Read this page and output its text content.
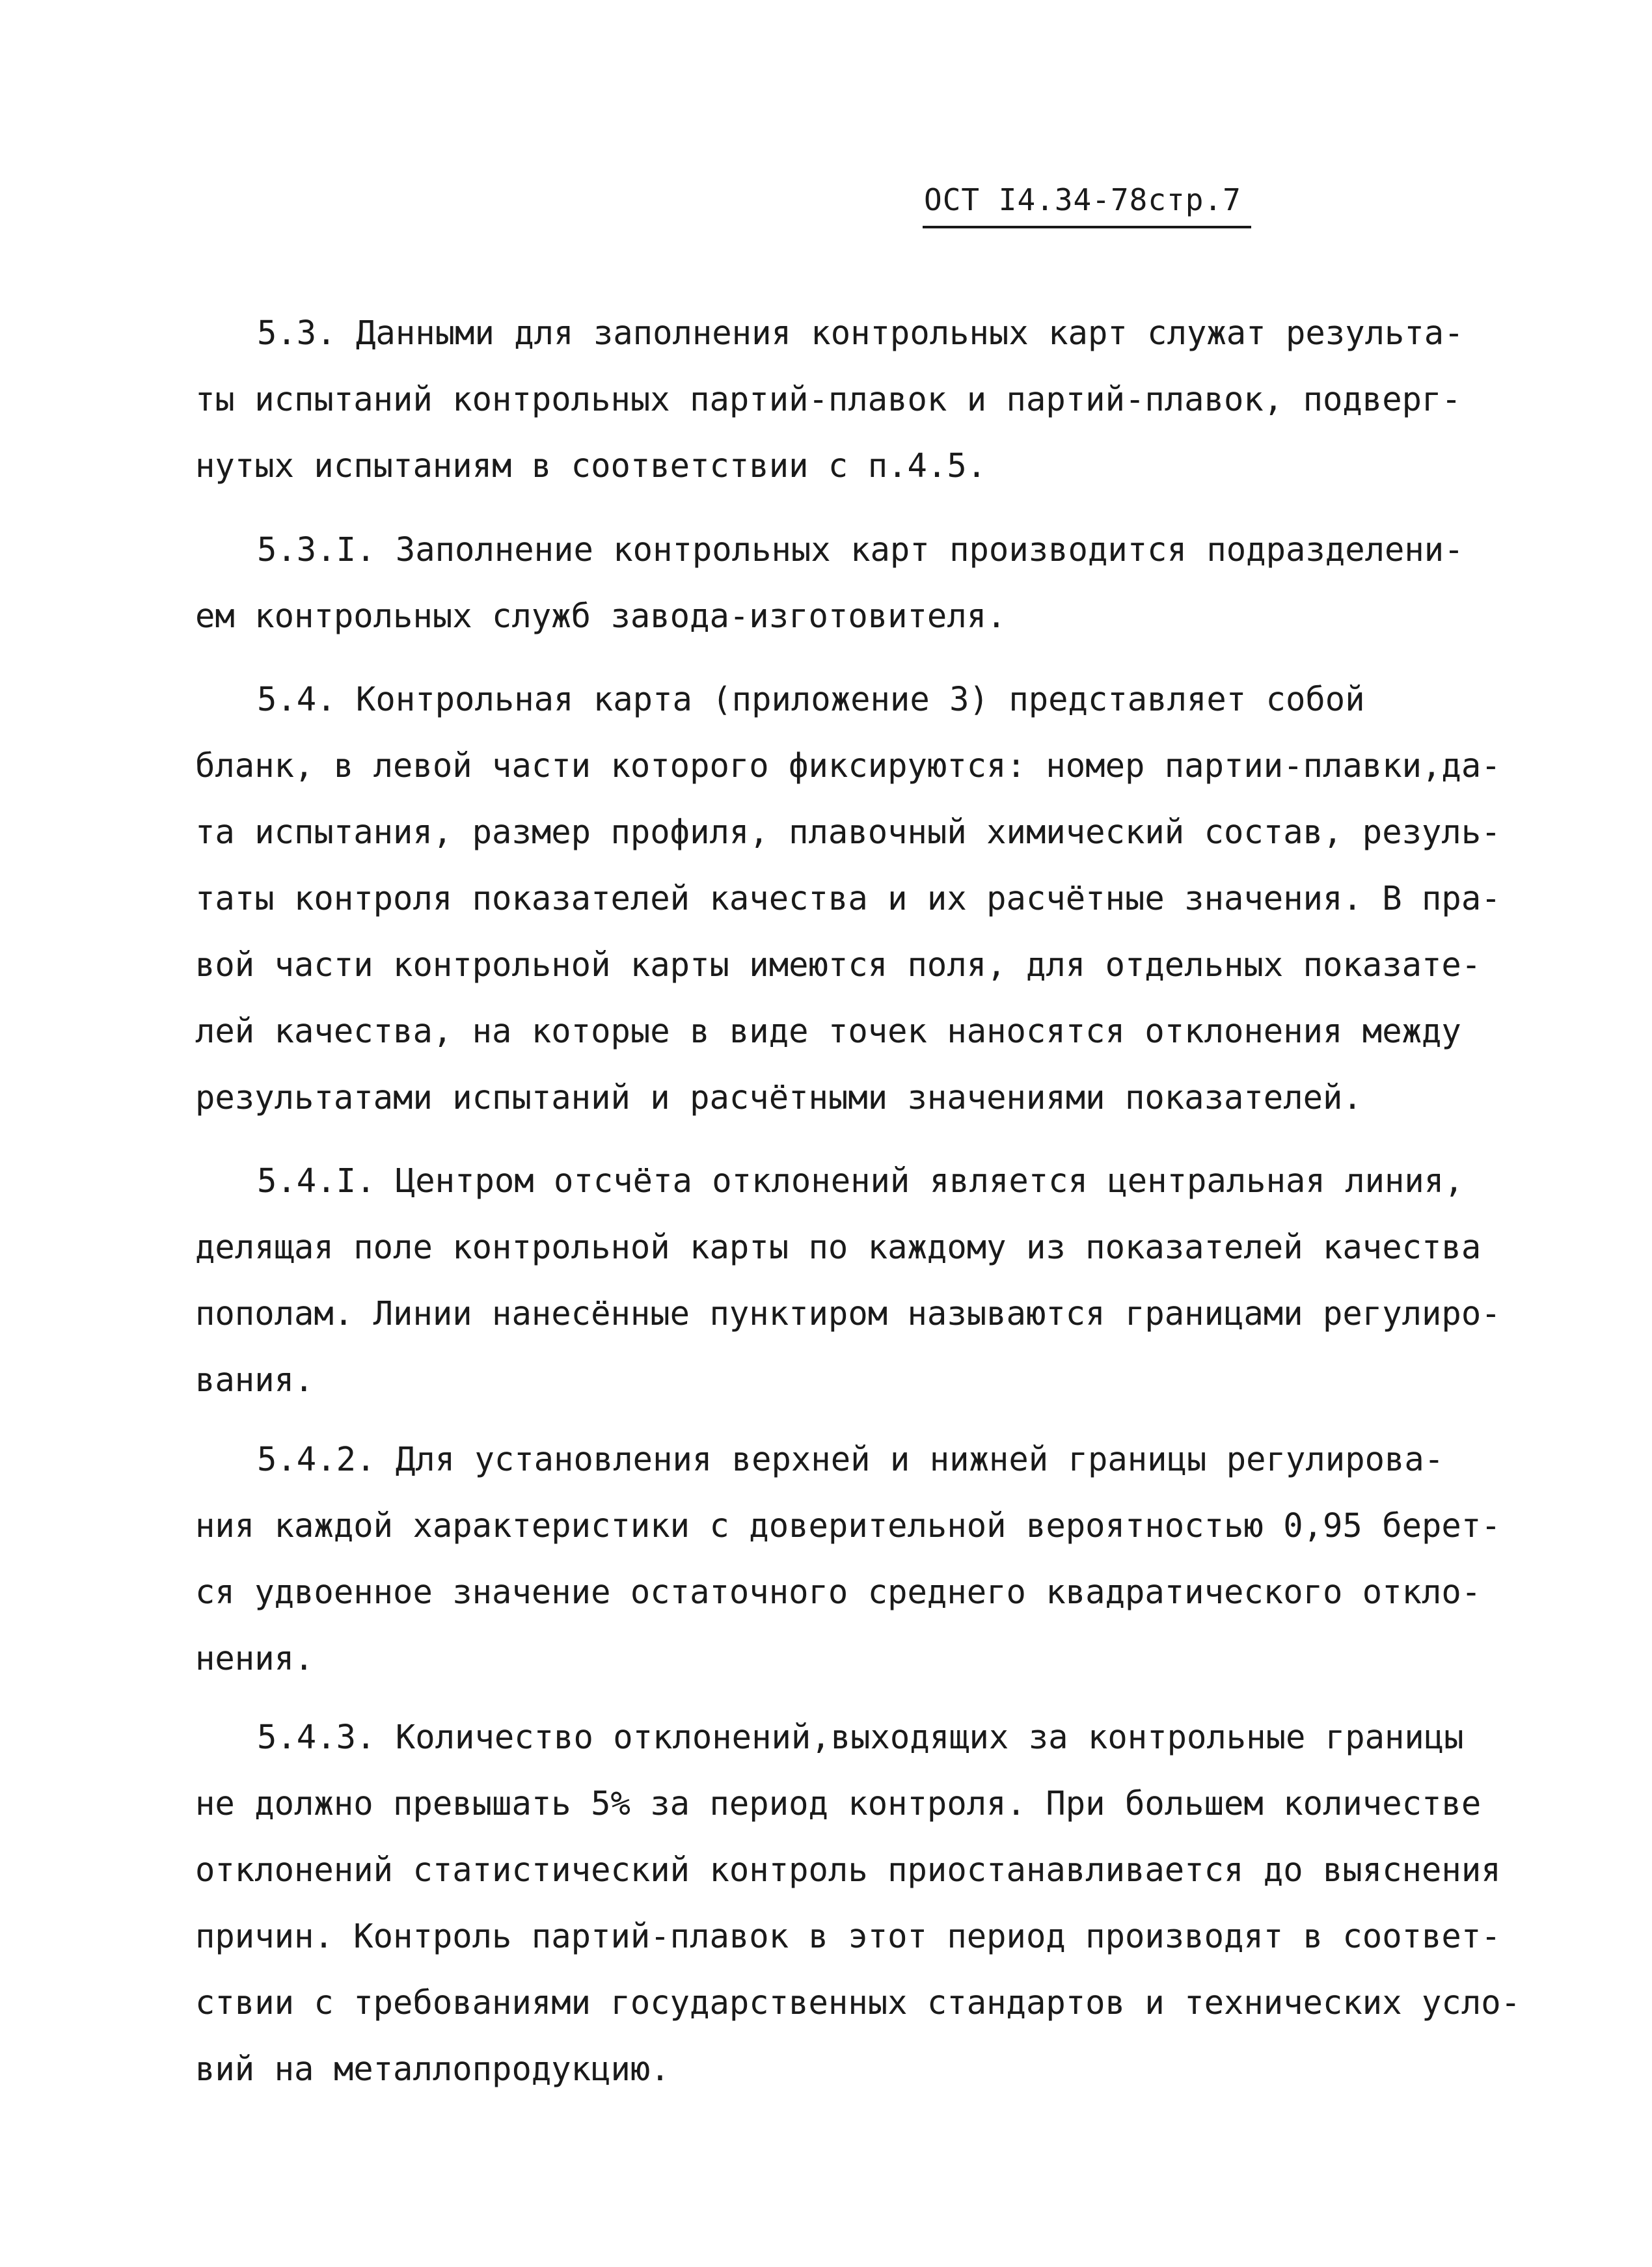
ОСТ I4.34-78стр.7
5.3. Данными для заполнения контрольных карт служат результа-
ты испытаний контрольных партий-плавок и партий-плавок, подверг-
нутых испытаниям в соответствии с п.4.5.
5.3.I. Заполнение контрольных карт производится подразделени-
ем контрольных служб завода-изготовителя.
5.4. Контрольная карта (приложение 3) представляет собой
бланк, в левой части которого фиксируются: номер партии-плавки,да-
та испытания, размер профиля, плавочный химический состав, резуль-
таты контроля показателей качества и их расчётные значения. В пра-
вой части контрольной карты имеются поля, для отдельных показате-
лей качества, на которые в виде точек наносятся отклонения между
результатами испытаний и расчётными значениями показателей.
5.4.I. Центром отсчёта отклонений является центральная линия,
делящая поле контрольной карты по каждому из показателей качества
пополам. Линии нанесённые пунктиром называются границами регулиро-
вания.
5.4.2. Для установления верхней и нижней границы регулирова-
ния каждой характеристики с доверительной вероятностью 0,95 берет-
ся удвоенное значение остаточного среднего квадратического откло-
нения.
5.4.3. Количество отклонений,выходящих за контрольные границы
не должно превышать 5% за период контроля. При большем количестве
отклонений статистический контроль приостанавливается до выяснения
причин. Контроль партий-плавок в этот период производят в соответ-
ствии с требованиями государственных стандартов и технических усло-
вий на металлопродукцию.
